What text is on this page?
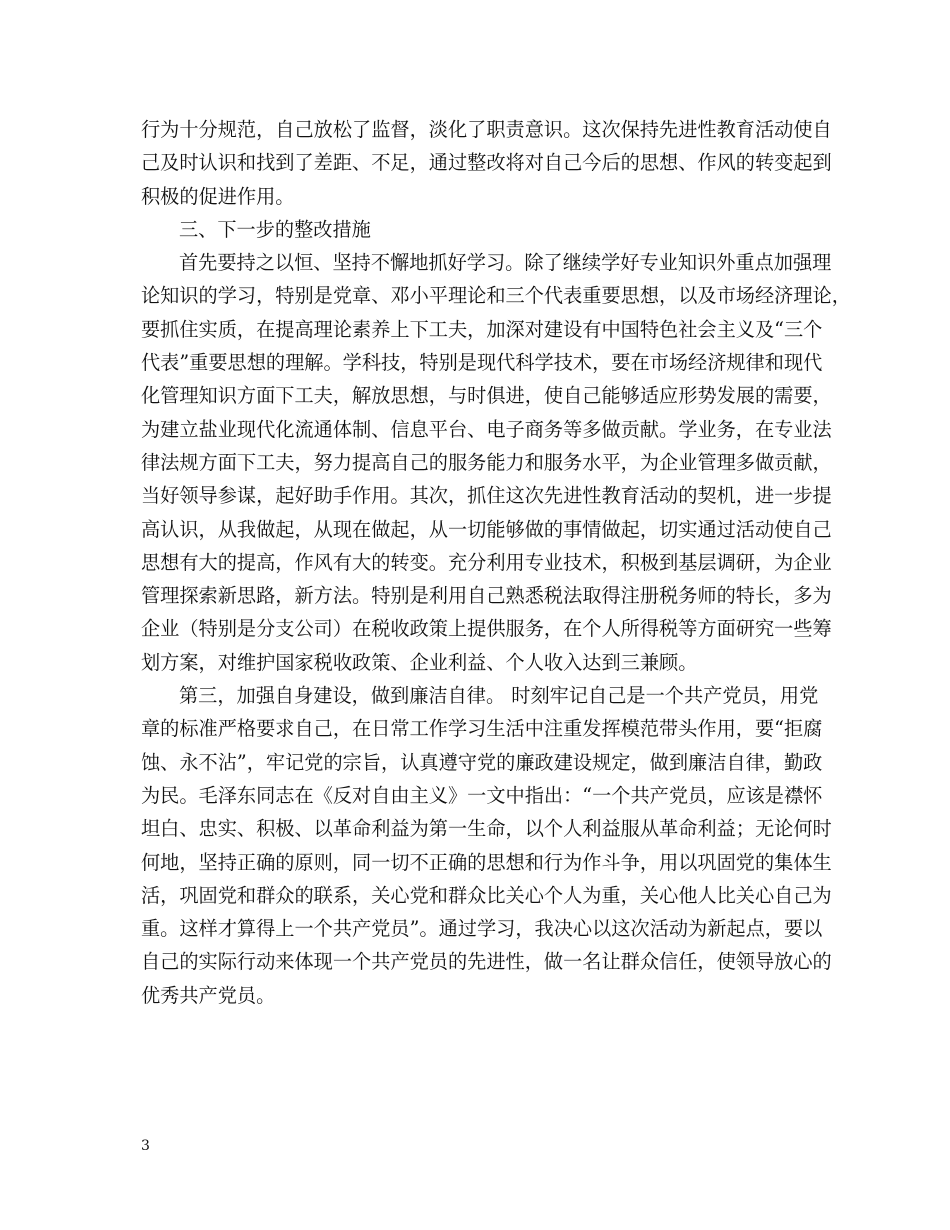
行为十分规范，自己放松了监督，淡化了职责意识。这次保持先进性教育活动使自
己及时认识和找到了差距、不足，通过整改将对自己今后的思想、作风的转变起到
积极的促进作用。
三、下一步的整改措施
首先要持之以恒、坚持不懈地抓好学习。除了继续学好专业知识外重点加强理
论知识的学习，特别是党章、邓小平理论和三个代表重要思想，以及市场经济理论，
要抓住实质，在提高理论素养上下工夫，加深对建设有中国特色社会主义及“三个
代表”重要思想的理解。学科技，特别是现代科学技术，要在市场经济规律和现代
化管理知识方面下工夫，解放思想，与时俱进，使自己能够适应形势发展的需要，
为建立盐业现代化流通体制、信息平台、电子商务等多做贡献。学业务，在专业法
律法规方面下工夫，努力提高自己的服务能力和服务水平，为企业管理多做贡献，
当好领导参谋，起好助手作用。其次，抓住这次先进性教育活动的契机，进一步提
高认识，从我做起，从现在做起，从一切能够做的事情做起，切实通过活动使自己
思想有大的提高，作风有大的转变。充分利用专业技术，积极到基层调研，为企业
管理探索新思路，新方法。特别是利用自己熟悉税法取得注册税务师的特长，多为
企业（特别是分支公司）在税收政策上提供服务，在个人所得税等方面研究一些筹
划方案，对维护国家税收政策、企业利益、个人收入达到三兼顾。
第三，加强自身建设，做到廉洁自律。 时刻牢记自己是一个共产党员，用党
章的标准严格要求自己，在日常工作学习生活中注重发挥模范带头作用，要“拒腐
蚀、永不沾”，牢记党的宗旨，认真遵守党的廉政建设规定，做到廉洁自律，勤政
为民。毛泽东同志在《反对自由主义》一文中指出：“一个共产党员，应该是襟怀
坦白、忠实、积极、以革命利益为第一生命，以个人利益服从革命利益；无论何时
何地，坚持正确的原则，同一切不正确的思想和行为作斗争，用以巩固党的集体生
活，巩固党和群众的联系，关心党和群众比关心个人为重，关心他人比关心自己为
重。这样才算得上一个共产党员”。通过学习，我决心以这次活动为新起点，要以
自己的实际行动来体现一个共产党员的先进性，做一名让群众信任，使领导放心的
优秀共产党员。
3
